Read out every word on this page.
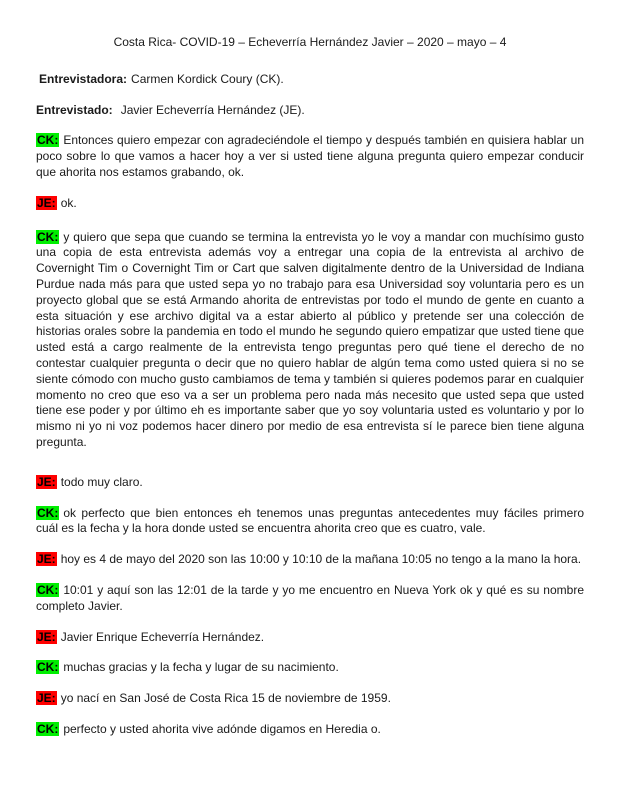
Costa Rica- COVID-19 – Echeverría Hernández Javier – 2020 – mayo – 4

Entrevistadora: Carmen Kordick Coury (CK).

Entrevistado: Javier Echeverría Hernández (JE).

CK: Entonces quiero empezar con agradeciéndole el tiempo y después también en quisiera hablar un poco sobre lo que vamos a hacer hoy a ver si usted tiene alguna pregunta quiero empezar conducir que ahorita nos estamos grabando, ok.

JE: ok.

CK: y quiero que sepa que cuando se termina la entrevista yo le voy a mandar con muchísimo gusto una copia de esta entrevista además voy a entregar una copia de la entrevista al archivo de Covernight Tim o Covernight Tim or Cart que salven digitalmente dentro de la Universidad de Indiana Purdue nada más para que usted sepa yo no trabajo para esa Universidad soy voluntaria pero es un proyecto global que se está Armando ahorita de entrevistas por todo el mundo de gente en cuanto a esta situación y ese archivo digital va a estar abierto al público y pretende ser una colección de historias orales sobre la pandemia en todo el mundo he segundo quiero empatizar que usted tiene que usted está a cargo realmente de la entrevista tengo preguntas pero qué tiene el derecho de no contestar cualquier pregunta o decir que no quiero hablar de algún tema como usted quiera si no se siente cómodo con mucho gusto cambiamos de tema y también si quieres podemos parar en cualquier momento no creo que eso va a ser un problema pero nada más necesito que usted sepa que usted tiene ese poder y por último eh es importante saber que yo soy voluntaria usted es voluntario y por lo mismo ni yo ni voz podemos hacer dinero por medio de esa entrevista sí le parece bien tiene alguna pregunta.

JE: todo muy claro.

CK: ok perfecto que bien entonces eh tenemos unas preguntas antecedentes muy fáciles primero cuál es la fecha y la hora donde usted se encuentra ahorita creo que es cuatro, vale.

JE: hoy es 4 de mayo del 2020 son las 10:00 y 10:10 de la mañana 10:05 no tengo a la mano la hora.

CK: 10:01 y aquí son las 12:01 de la tarde y yo me encuentro en Nueva York ok y qué es su nombre completo Javier.

JE: Javier Enrique Echeverría Hernández.

CK: muchas gracias y la fecha y lugar de su nacimiento.

JE: yo nací en San José de Costa Rica 15 de noviembre de 1959.

CK: perfecto y usted ahorita vive adónde digamos en Heredia o.
